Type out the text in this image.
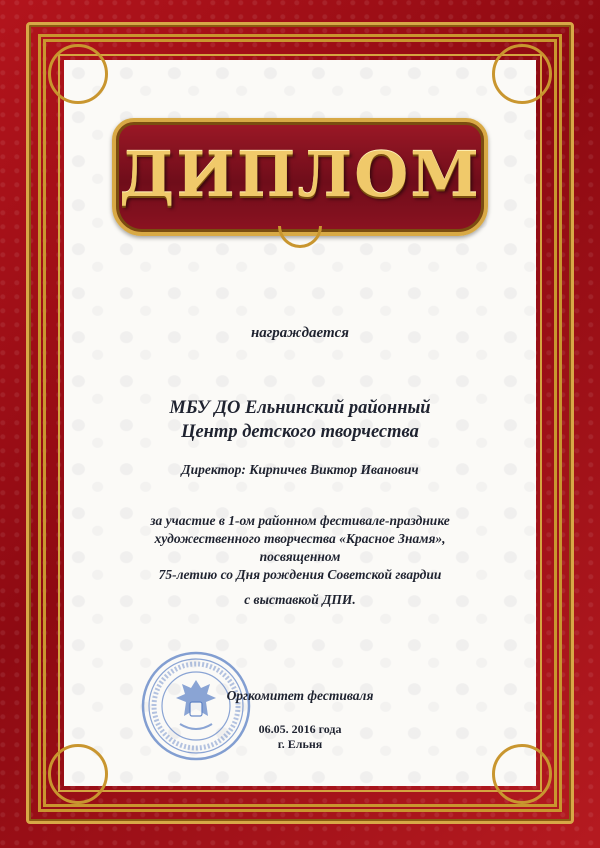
ДИПЛОМ
награждается
МБУ ДО Ельнинский районный
Центр детского творчества
Директор: Кирпичев Виктор Иванович
за участие в 1-ом районном фестивале-празднике
художественного творчества «Красное Знамя»,
посвященном
75-летию со Дня рождения Советской гвардии
с выставкой ДПИ.
Оргкомитет фестиваля
06.05. 2016 года
г. Ельня
